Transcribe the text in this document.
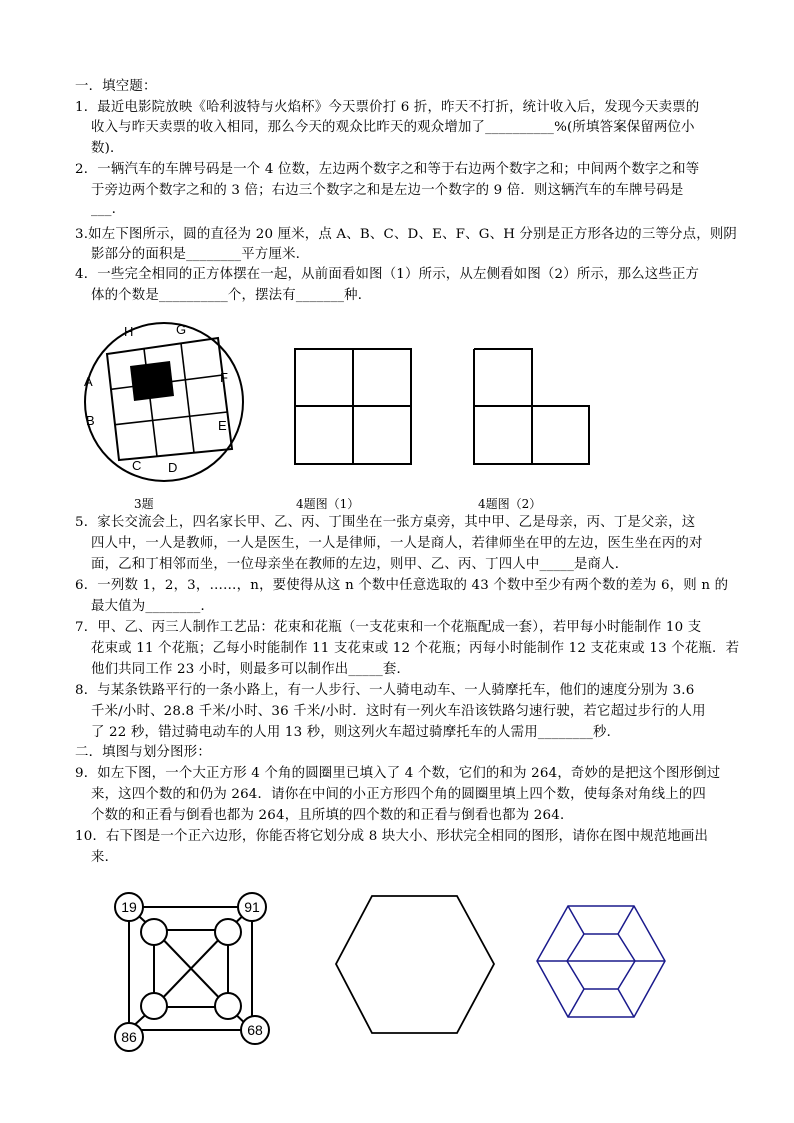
一．填空题：
1．最近电影院放映《哈利波特与火焰杯》今天票价打 6 折，昨天不打折，统计收入后，发现今天卖票的
收入与昨天卖票的收入相同，那么今天的观众比昨天的观众增加了__________%(所填答案保留两位小
数)．
2．一辆汽车的车牌号码是一个 4 位数，左边两个数字之和等于右边两个数字之和；中间两个数字之和等
于旁边两个数字之和的 3 倍；右边三个数字之和是左边一个数字的 9 倍．则这辆汽车的车牌号码是
___.
3.如左下图所示，圆的直径为 20 厘米，点 A、B、C、D、E、F、G、H 分别是正方形各边的三等分点，则阴
影部分的面积是________平方厘米.
4．一些完全相同的正方体摆在一起，从前面看如图（1）所示，从左侧看如图（2）所示，那么这些正方
体的个数是__________个，摆法有_______种．
H	G
A	F
B	E
C D
3题	4题图（1）	4题图（2）
5．家长交流会上，四名家长甲、乙、丙、丁围坐在一张方桌旁，其中甲、乙是母亲，丙、丁是父亲，这
四人中，一人是教师，一人是医生，一人是律师，一人是商人，若律师坐在甲的左边，医生坐在丙的对
面，乙和丁相邻而坐，一位母亲坐在教师的左边，则甲、乙、丙、丁四人中_____是商人．
6．一列数 1，2，3，……，n，要使得从这 n 个数中任意选取的 43 个数中至少有两个数的差为 6，则 n 的
最大值为________．
7．甲、乙、丙三人制作工艺品：花束和花瓶（一支花束和一个花瓶配成一套），若甲每小时能制作 10 支
花束或 11 个花瓶；乙每小时能制作 11 支花束或 12 个花瓶；丙每小时能制作 12 支花束或 13 个花瓶．若
他们共同工作 23 小时，则最多可以制作出_____套．
8．与某条铁路平行的一条小路上，有一人步行、一人骑电动车、一人骑摩托车，他们的速度分别为 3.6
千米/小时、28.8 千米/小时、36 千米/小时．这时有一列火车沿该铁路匀速行驶，若它超过步行的人用
了 22 秒，错过骑电动车的人用 13 秒，则这列火车超过骑摩托车的人需用________秒．
二．填图与划分图形：
9．如左下图，一个大正方形 4 个角的圆圈里已填入了 4 个数，它们的和为 264，奇妙的是把这个图形倒过
来，这四个数的和仍为 264．请你在中间的小正方形四个角的圆圈里填上四个数，使每条对角线上的四
个数的和正看与倒看也都为 264，且所填的四个数的和正看与倒看也都为 264．
10．右下图是一个正六边形，你能否将它划分成 8 块大小、形状完全相同的图形，请你在图中规范地画出
来．
19	91
86	68
